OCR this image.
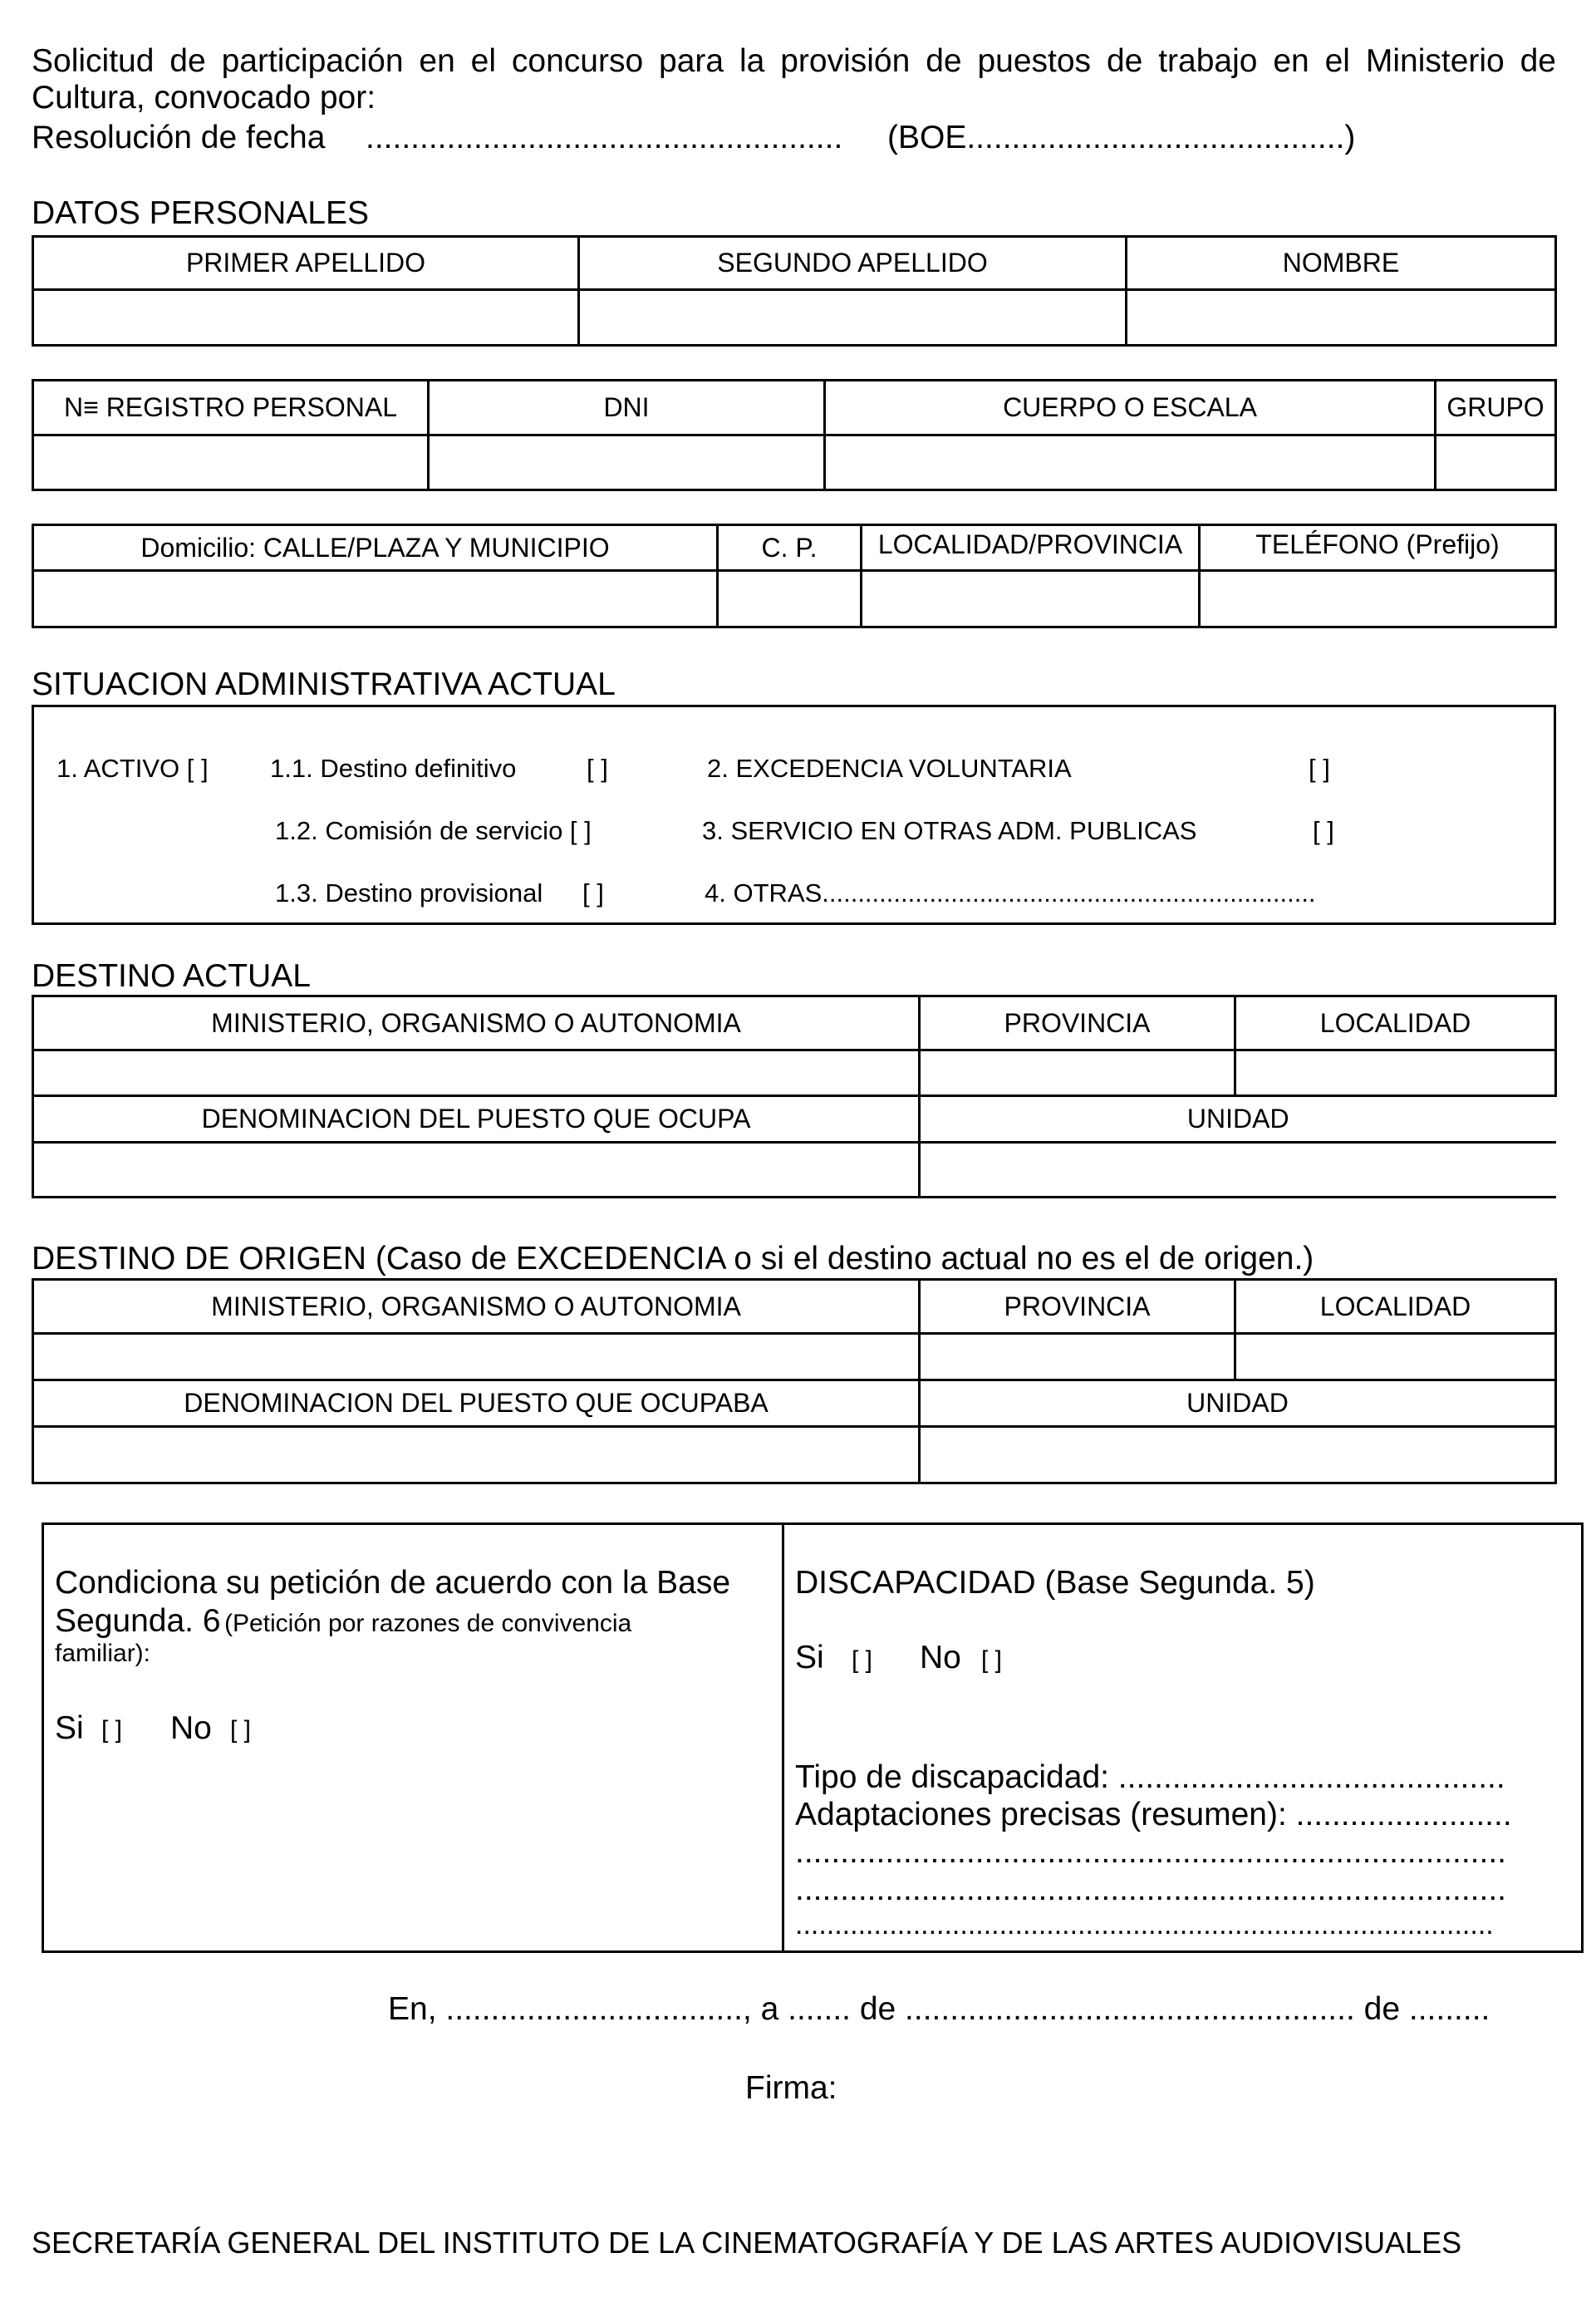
Solicitud de participación en el concurso para la provisión de puestos de trabajo en el Ministerio de
Cultura, convocado por:
Resolución de fecha ..................................................... (BOE..........................................)
DATOS PERSONALES
PRIMER APELLIDO	SEGUNDO APELLIDO	NOMBRE

N≡ REGISTRO PERSONAL	DNI	CUERPO O ESCALA	GRUPO

Domicilio: CALLE/PLAZA Y MUNICIPIO	C. P.	LOCALIDAD/PROVINCIA	TELÉFONO (Prefijo)

SITUACION ADMINISTRATIVA ACTUAL
1. ACTIVO [ ] 1.1. Destino definitivo	[ ]	2. EXCEDENCIA VOLUNTARIA	[ ]
1.2. Comisión de servicio [ ]	3. SERVICIO EN OTRAS ADM. PUBLICAS	[ ]
1.3. Destino provisional [ ]	4. OTRAS.....................................................................
DESTINO ACTUAL
MINISTERIO, ORGANISMO O AUTONOMIA	PROVINCIA	LOCALIDAD

DENOMINACION DEL PUESTO QUE OCUPA	UNIDAD	

DESTINO DE ORIGEN (Caso de EXCEDENCIA o si el destino actual no es el de origen.)
MINISTERIO, ORGANISMO O AUTONOMIA	PROVINCIA	LOCALIDAD

DENOMINACION DEL PUESTO QUE OCUPABA	UNIDAD	

Condiciona su petición de acuerdo con la Base
Segunda. 6 (Petición por razones de convivencia
familiar):
Si [ ] No [ ]
DISCAPACIDAD (Base Segunda. 5)
Si [ ] No [ ]
Tipo de discapacidad: ...........................................
Adaptaciones precisas (resumen): ........................
...............................................................................
...............................................................................
.........................................................................................
En, ................................., a ....... de .................................................. de .........
Firma:
SECRETARÍA GENERAL DEL INSTITUTO DE LA CINEMATOGRAFÍA Y DE LAS ARTES AUDIOVISUALES
